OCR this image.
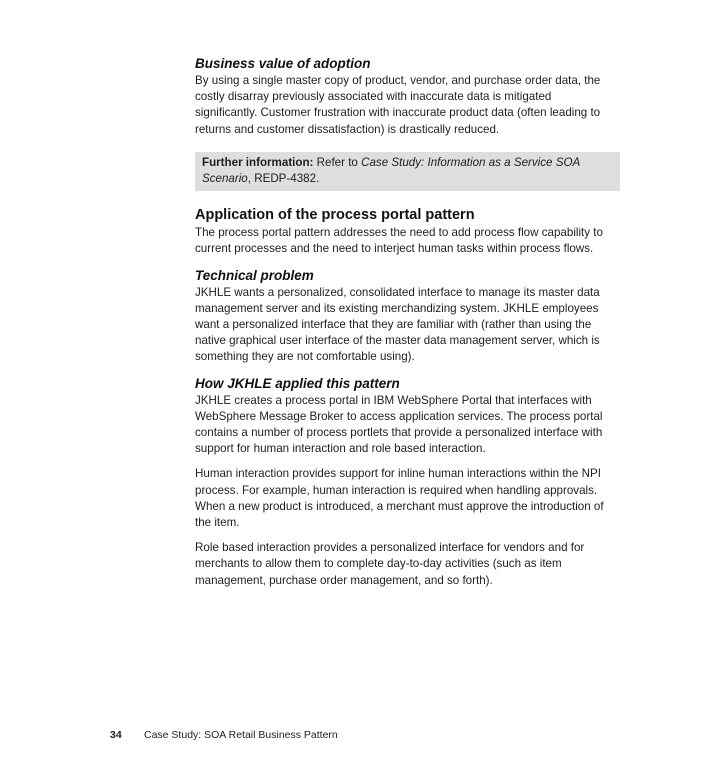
Business value of adoption

By using a single master copy of product, vendor, and purchase order data, the
costly disarray previously associated with inaccurate data is mitigated
significantly. Customer frustration with inaccurate product data (often leading to
returns and customer dissatisfaction) is drastically reduced.

Further information: Refer to Case Study: Information as a Service SOA
Scenario, REDP-4382.
Application of the process portal pattern

The process portal pattern addresses the need to add process flow capability to
current processes and the need to interject human tasks within process flows.

Technical problem

JKHLE wants a personalized, consolidated interface to manage its master data
management server and its existing merchandizing system. JKHLE employees
want a personalized interface that they are familiar with (rather than using the
native graphical user interface of the master data management server, which is
something they are not comfortable using).

How JKHLE applied this pattern

JKHLE creates a process portal in IBM WebSphere Portal that interfaces with
WebSphere Message Broker to access application services. The process portal
contains a number of process portlets that provide a personalized interface with
support for human interaction and role based interaction.

Human interaction provides support for inline human interactions within the NPI
process. For example, human interaction is required when handling approvals.
When a new product is introduced, a merchant must approve the introduction of
the item.

Role based interaction provides a personalized interface for vendors and for
merchants to allow them to complete day-to-day activities (such as item
management, purchase order management, and so forth).

34 Case Study: SOA Retail Business Pattern
